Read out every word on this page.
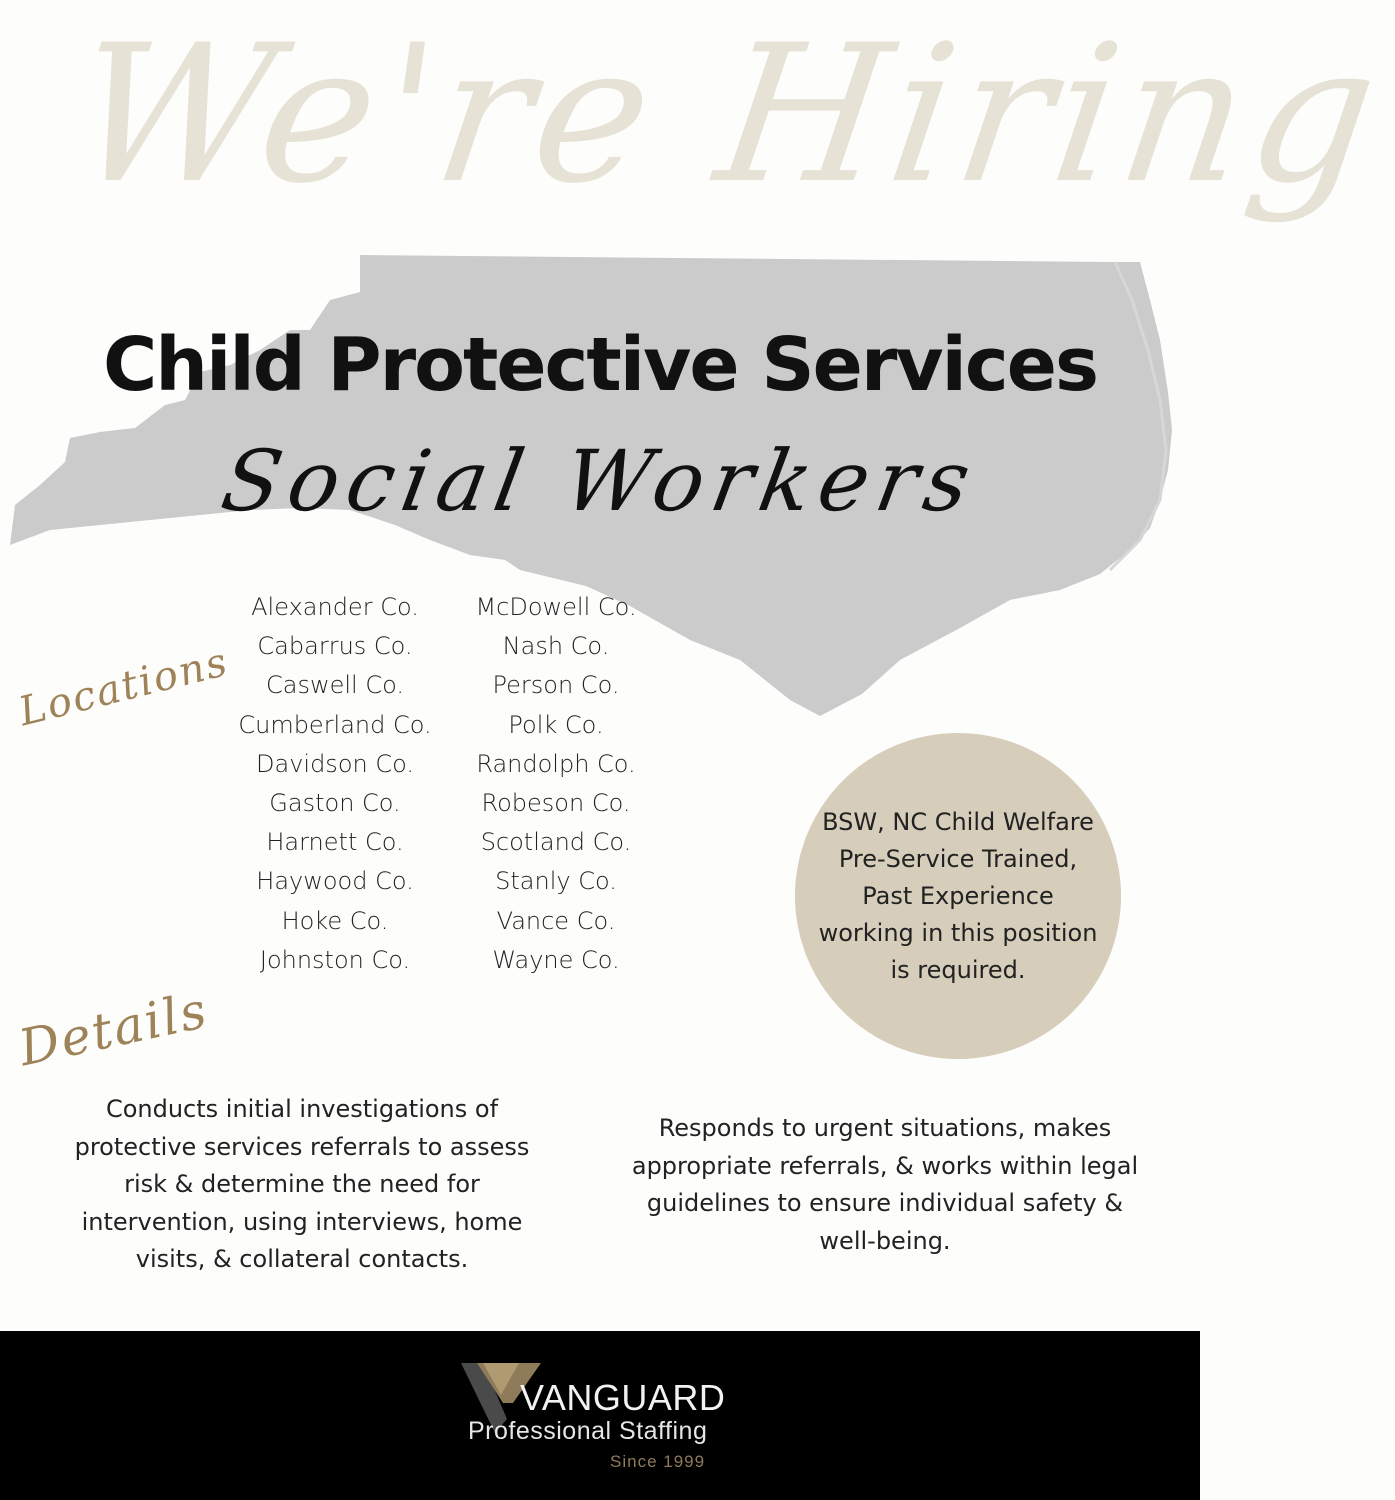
We're Hiring
Child Protective Services
Social Workers
Locations
Alexander Co.
Cabarrus Co.
Caswell Co.
Cumberland Co.
Davidson Co.
Gaston Co.
Harnett Co.
Haywood Co.
Hoke Co.
Johnston Co.
McDowell Co.
Nash Co.
Person Co.
Polk Co.
Randolph Co.
Robeson Co.
Scotland Co.
Stanly Co.
Vance Co.
Wayne Co.
BSW, NC Child Welfare Pre-Service Trained, Past Experience working in this position is required.
Details
Conducts initial investigations of protective services referrals to assess risk & determine the need for intervention, using interviews, home visits, & collateral contacts.
Responds to urgent situations, makes appropriate referrals, & works within legal guidelines to ensure individual safety & well-being.
VANGUARD
Professional Staffing
Since 1999
